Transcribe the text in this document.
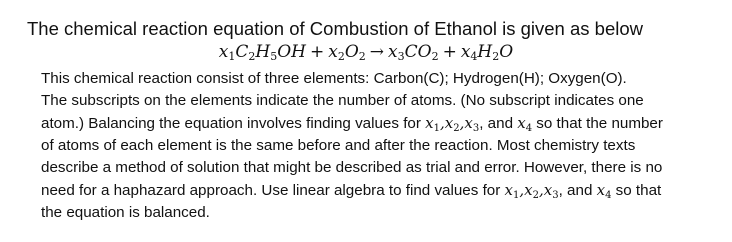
The chemical reaction equation of Combustion of Ethanol is given as below
$x_1C_2H_5OH + x_2O_2 \to x_3CO_2 + x_4H_2O$
This chemical reaction consist of three elements: Carbon(C); Hydrogen(H); Oxygen(O).
The subscripts on the elements indicate the number of atoms. (No subscript indicates one
atom.) Balancing the equation involves finding values for $x_1,x_2,x_3$, and $x_4$ so that the number
of atoms of each element is the same before and after the reaction. Most chemistry texts
describe a method of solution that might be described as trial and error. However, there is no
need for a haphazard approach. Use linear algebra to find values for $x_1,x_2,x_3$, and $x_4$ so that
the equation is balanced.
